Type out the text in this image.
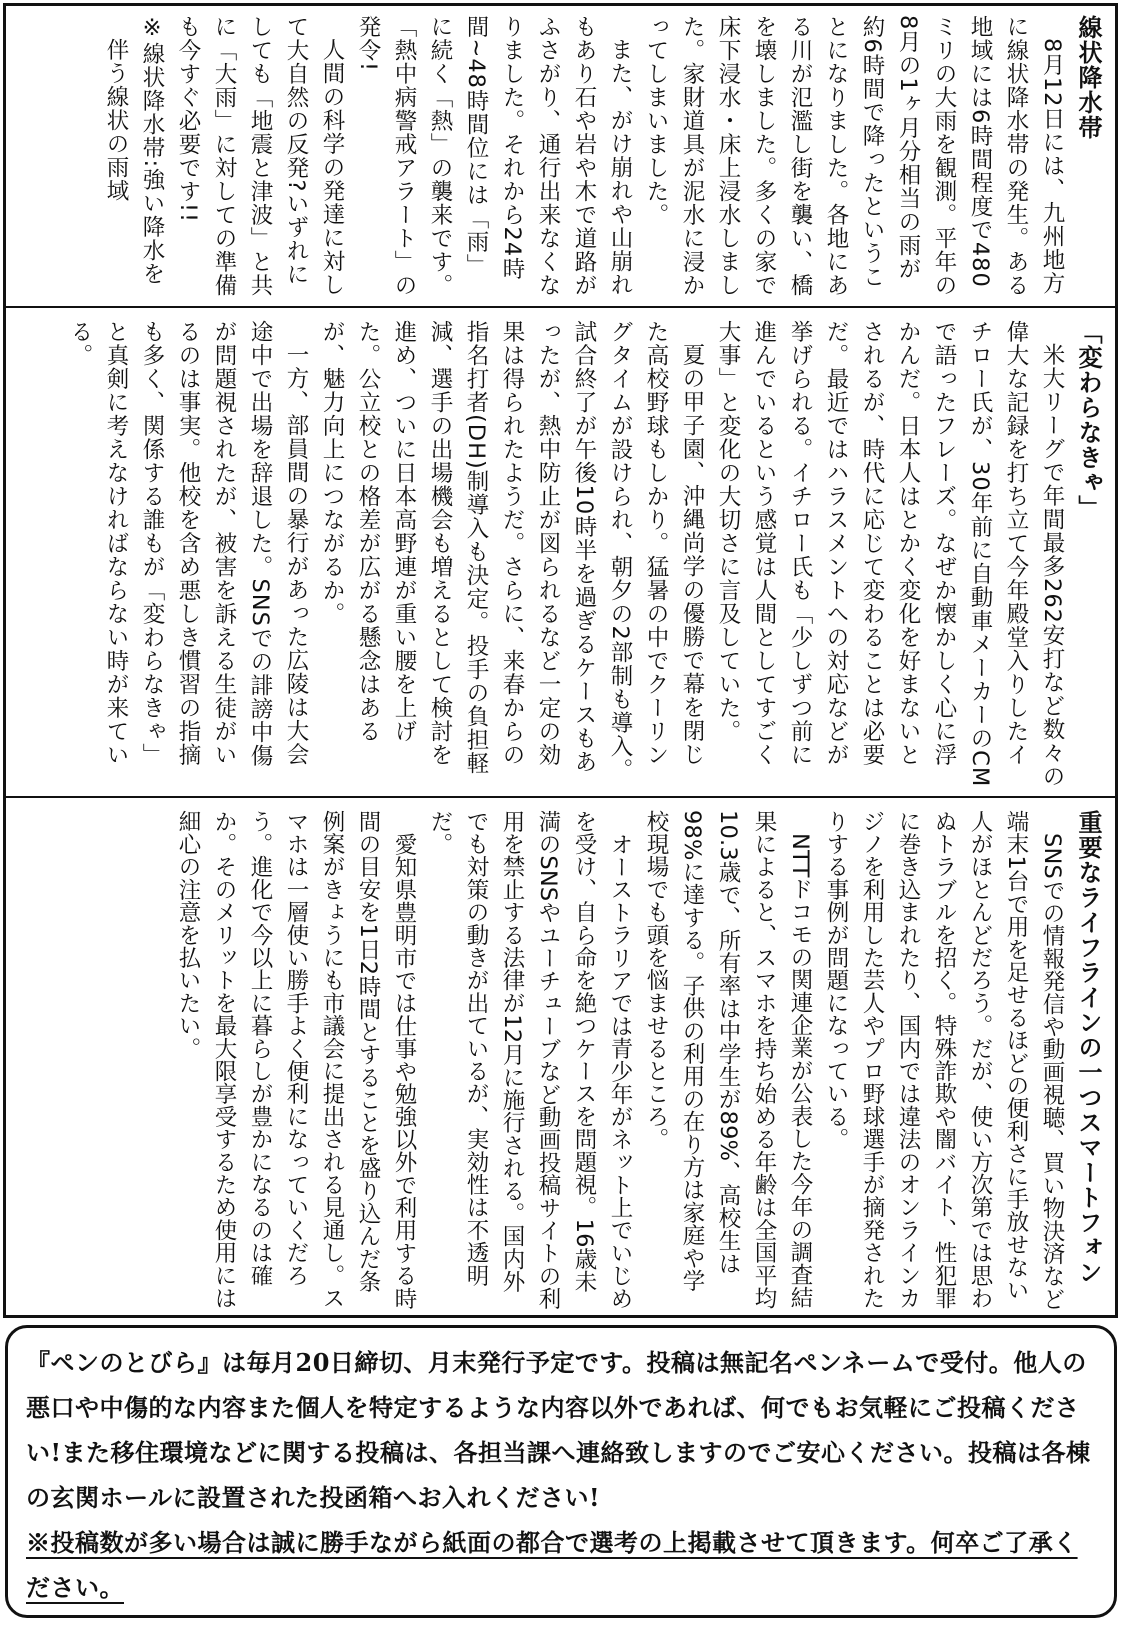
線状降水帯

8月12日には、九州地方に線状降水帯の発生。ある地域には6時間程度で480ミリの大雨を観測。平年の8月の1ヶ月分相当の雨が約6時間で降ったということになりました。各地にある川が氾濫し街を襲い、橋を壊しました。多くの家で床下浸水・床上浸水しました。家財道具が泥水に浸かってしまいました。

また、がけ崩れや山崩れもあり石や岩や木で道路がふさがり、通行出来なくなりました。それから24時間~48時間位には「雨」に続く「熱」の襲来です。「熱中病警戒アラート」の発令!

人間の科学の発達に対して大自然の反発?いずれにしても「地震と津波」と共に「大雨」に対しての準備も今すぐ必要です!!

※線状降水帯:強い降水を
伴う線状の雨域

「変わらなきゃ」

米大リーグで年間最多262安打など数々の偉大な記録を打ち立て今年殿堂入りしたイチロー氏が、30年前に自動車メーカーのCMで語ったフレーズ。なぜか懐かしく心に浮かんだ。日本人はとかく変化を好まないとされるが、時代に応じて変わることは必要だ。最近ではハラスメントへの対応などが挙げられる。イチロー氏も「少しずつ前に進んでいるという感覚は人間としてすごく大事」と変化の大切さに言及していた。

夏の甲子園、沖縄尚学の優勝で幕を閉じた高校野球もしかり。猛暑の中でクーリングタイムが設けられ、朝夕の2部制も導入。試合終了が午後10時半を過ぎるケースもあったが、熱中防止が図られるなど一定の効果は得られたようだ。さらに、来春からの指名打者(DH)制導入も決定。投手の負担軽減、選手の出場機会も増えるとして検討を進め、ついに日本高野連が重い腰を上げた。公立校との格差が広がる懸念はあるが、魅力向上につながるか。

一方、部員間の暴行があった広陵は大会途中で出場を辞退した。SNSでの誹謗中傷が問題視されたが、被害を訴える生徒がいるのは事実。他校を含め悪しき慣習の指摘も多く、関係する誰もが「変わらなきゃ」と真剣に考えなければならない時が来ている。

重要なライフラインの一つスマートフォン

SNSでの情報発信や動画視聴、買い物決済など端末1台で用を足せるほどの便利さに手放せない人がほとんどだろう。だが、使い方次第では思わぬトラブルを招く。特殊詐欺や闇バイト、性犯罪に巻き込まれたり、国内では違法のオンラインカジノを利用した芸人やプロ野球選手が摘発されたりする事例が問題になっている。

NTTドコモの関連企業が公表した今年の調査結果によると、スマホを持ち始める年齢は全国平均10.3歳で、所有率は中学生が89%、高校生は98%に達する。子供の利用の在り方は家庭や学校現場でも頭を悩ませるところ。

オーストラリアでは青少年がネット上でいじめを受け、自ら命を絶つケースを問題視。16歳未満のSNSやユーチューブなど動画投稿サイトの利用を禁止する法律が12月に施行される。国内外でも対策の動きが出ているが、実効性は不透明だ。

愛知県豊明市では仕事や勉強以外で利用する時間の目安を1日2時間とすることを盛り込んだ条例案がきょうにも市議会に提出される見通し。スマホは一層使い勝手よく便利になっていくだろう。進化で今以上に暮らしが豊かになるのは確か。そのメリットを最大限享受するため使用には細心の注意を払いたい。

『ペンのとびら』は毎月20日締切、月末発行予定です。投稿は無記名ペンネームで受付。他人の悪口や中傷的な内容また個人を特定するような内容以外であれば、何でもお気軽にご投稿ください!また移住環境などに関する投稿は、各担当課へ連絡致しますのでご安心ください。投稿は各棟の玄関ホールに設置された投函箱へお入れください!

※投稿数が多い場合は誠に勝手ながら紙面の都合で選考の上掲載させて頂きます。何卒ご了承ください。
